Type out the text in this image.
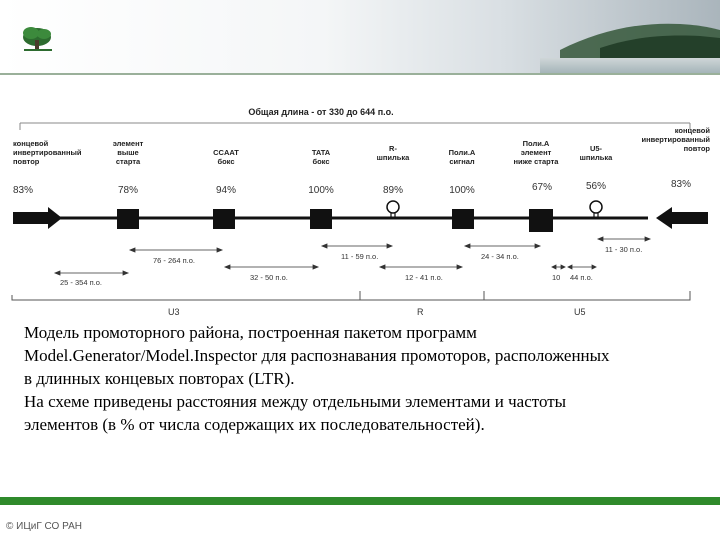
Общая длина - от 330 до 644 п.о.
концевой инвертированный повтор
элемент выше старта
CCAAT бокс
TATA бокс
R-шпилька
Поли.А сигнал
Поли.А элемент ниже старта
U5-шпилька
концевой инвертированный повтор
83%	78%	94%	100%	89%	100%	67%	56%	83%
25 - 354 п.о.
76 - 264 п.о.
32 - 50 п.о.
11 - 59 п.о.
12 - 41 п.о.
24 - 34 п.о.
10 44 п.о.
11 - 30 п.о.
U3	R	U5
Модель промоторного района, построенная пакетом программ
Model.Generator/Model.Inspector для распознавания промоторов, расположенных
в длинных концевых повторах (LTR).
На схеме приведены расстояния между отдельными элементами и частоты
элементов (в % от числа содержащих их последовательностей).
© ИЦиГ СО РАН
